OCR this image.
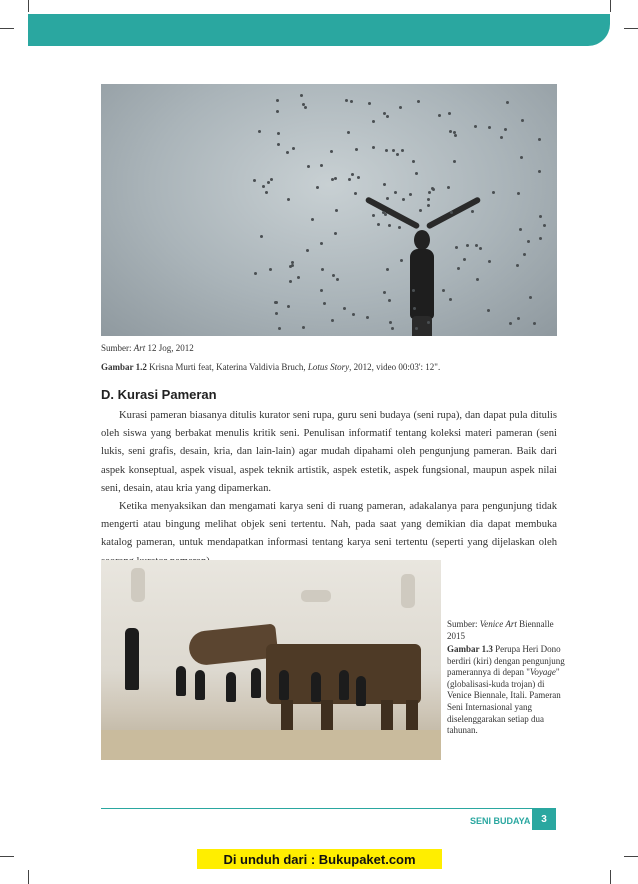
Sumber: Art 12 Jog, 2012
Gambar 1.2 Krisna Murti feat, Katerina Valdivia Bruch, Lotus Story, 2012, video 00:03': 12".
D. Kurasi Pameran

Kurasi pameran biasanya ditulis kurator seni rupa, guru seni budaya (seni rupa), dan dapat pula ditulis oleh siswa yang berbakat menulis kritik seni. Penulisan informatif tentang koleksi materi pameran (seni lukis, seni grafis, desain, kria, dan lain-lain) agar mudah dipahami oleh pengunjung pameran. Baik dari aspek konseptual, aspek visual, aspek teknik artistik, aspek estetik, aspek fungsional, maupun aspek nilai seni, desain, atau kria yang dipamerkan.

Ketika menyaksikan dan mengamati karya seni di ruang pameran, adakalanya para pengunjung tidak mengerti atau bingung melihat objek seni tertentu. Nah, pada saat yang demikian dia dapat membuka katalog pameran, untuk mendapatkan informasi tentang karya seni tertentu (seperti yang dijelaskan oleh

Sumber: Venice Art Biennalle 2015
Gambar 1.3 Perupa Heri Dono berdiri (kiri) dengan pengunjung pamerannya di depan "Voyage" (globalisasi-kuda trojan) di Venice Biennale, Itali. Pameran Seni Internasional yang diselenggarakan setiap dua tahunan.
SENI BUDAYA	3
Di unduh dari : Bukupaket.com
